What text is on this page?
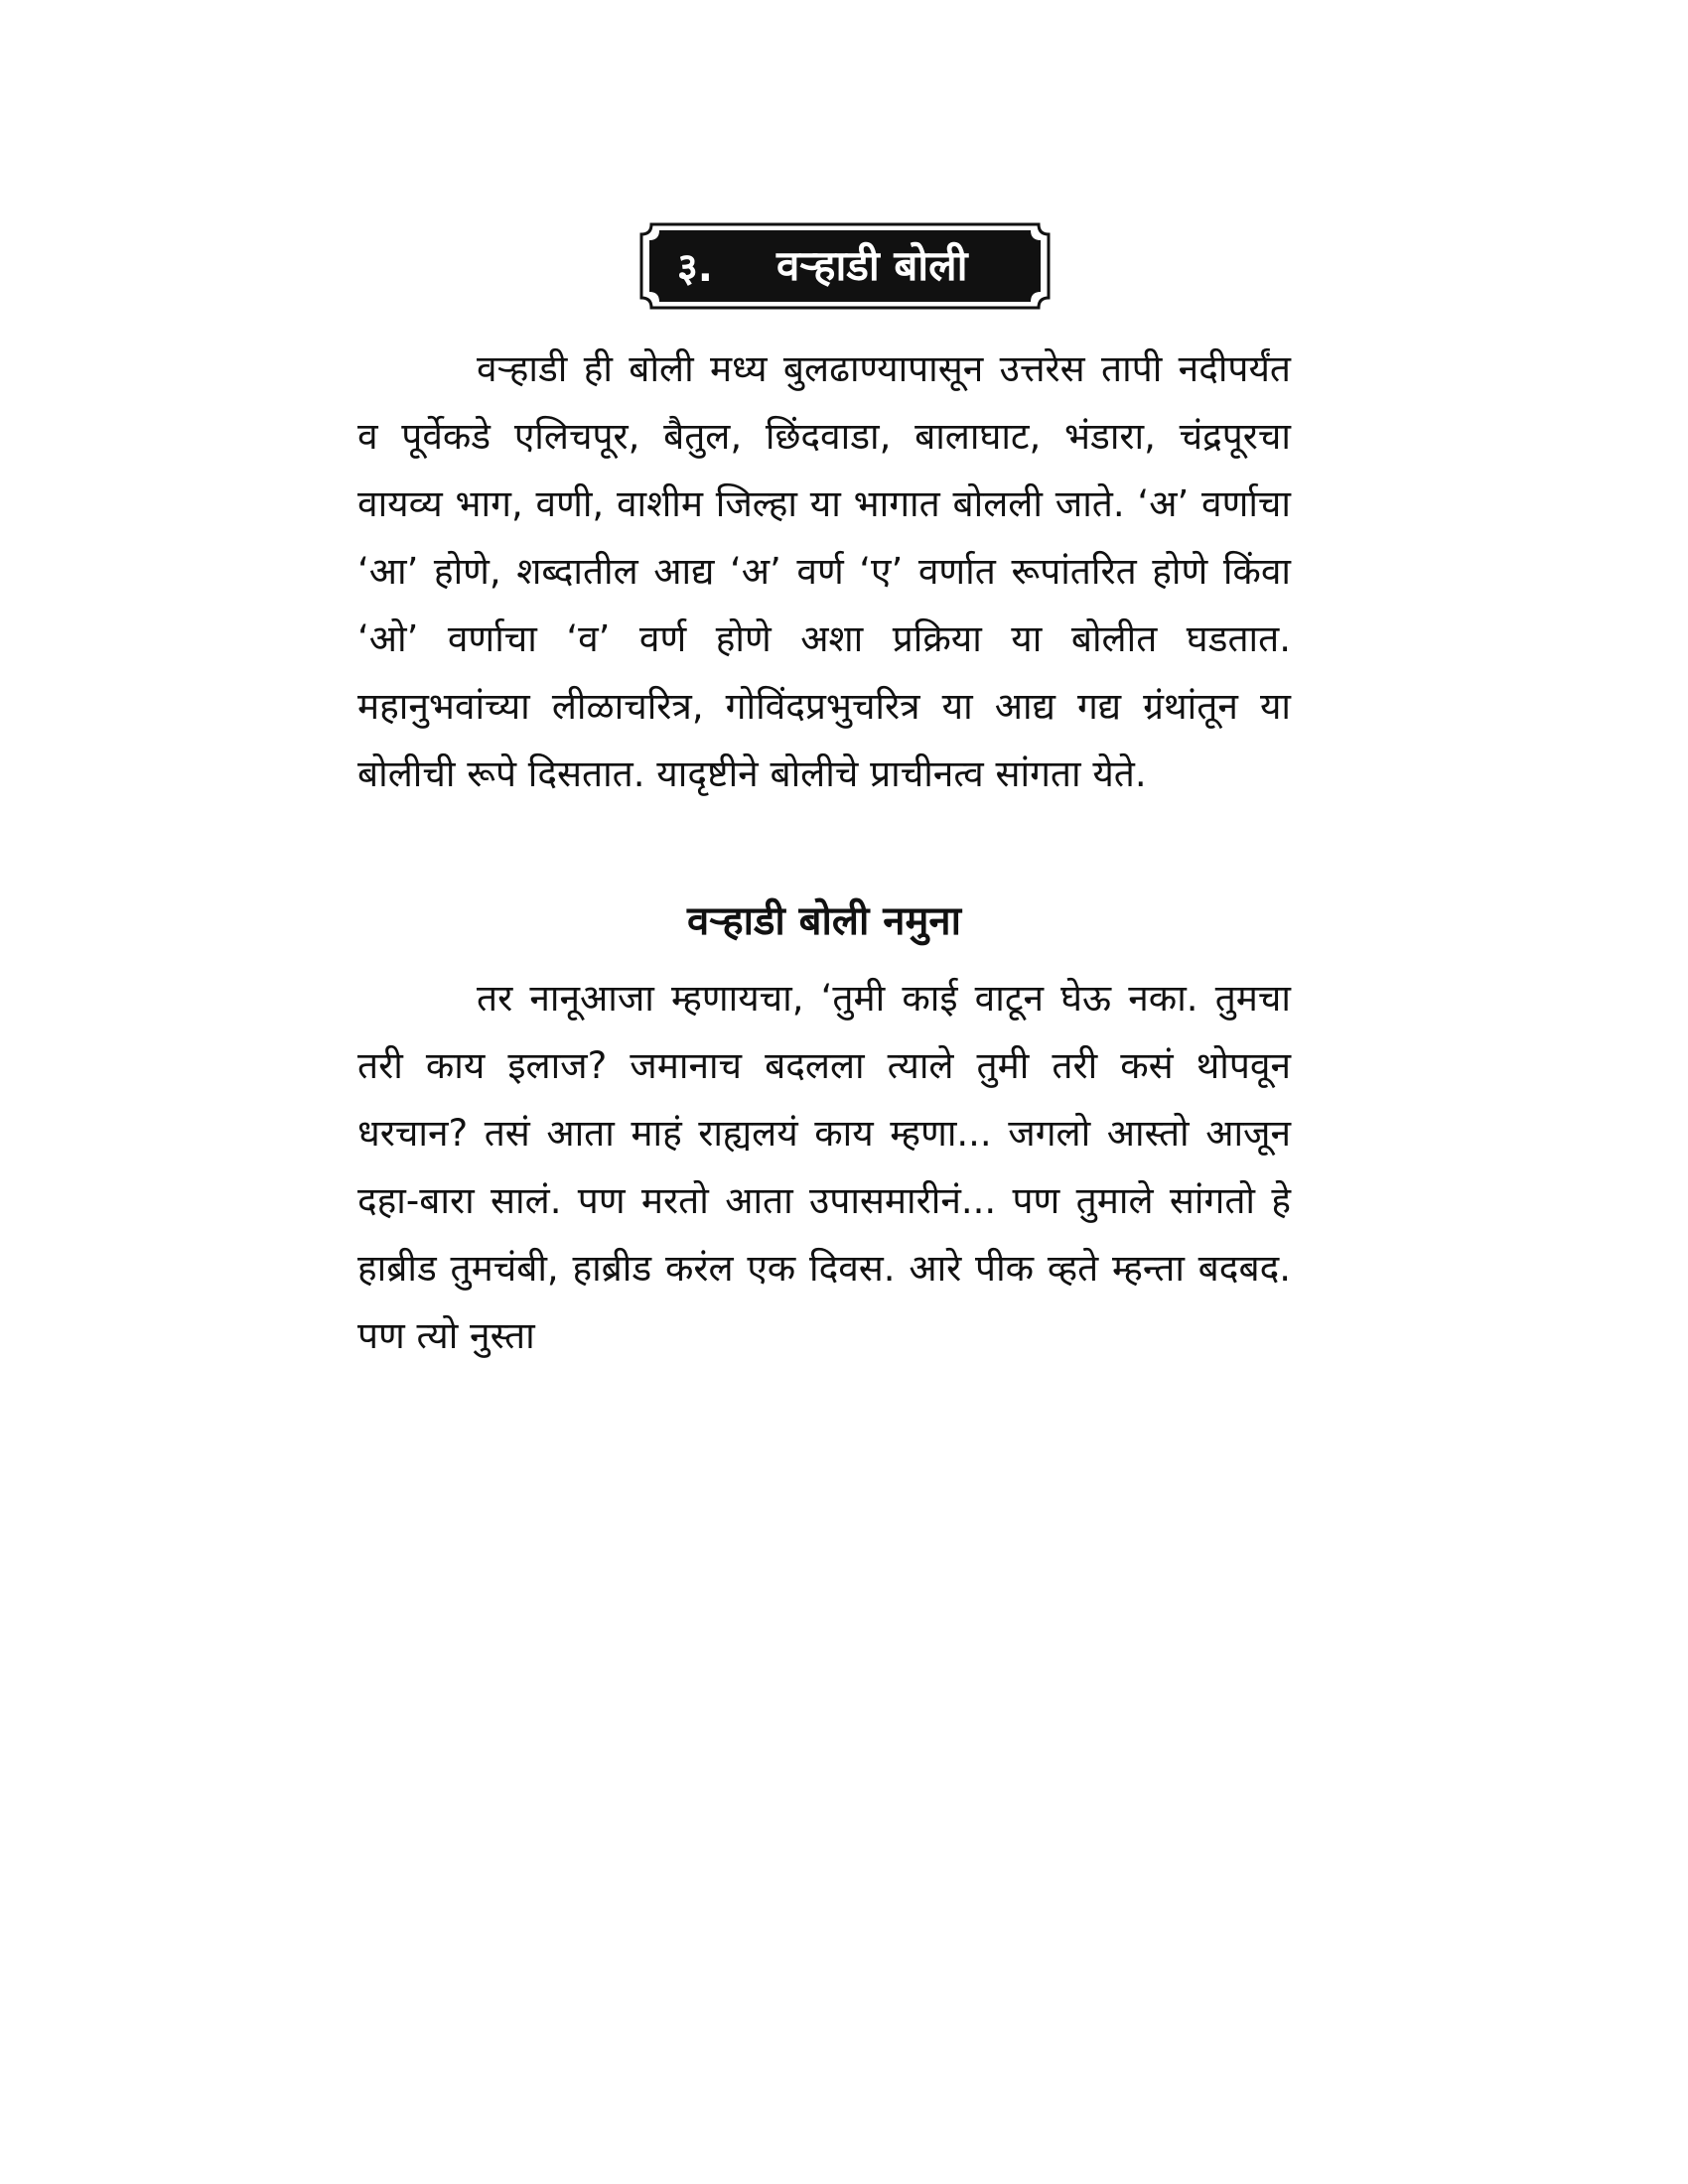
३. वऱ्हाडी बोली

वऱ्हाडी ही बोली मध्य बुलढाण्यापासून उत्तरेस तापी नदीपर्यंत व पूर्वेकडे एलिचपूर, बैतुल, छिंदवाडा, बालाघाट, भंडारा, चंद्रपूरचा वायव्य भाग, वणी, वाशीम जिल्हा या भागात बोलली जाते. ‘अ’ वर्णाचा ‘आ’ होणे, शब्दातील आद्य ‘अ’ वर्ण ‘ए’ वर्णात रूपांतरित होणे किंवा ‘ओ’ वर्णाचा ‘व’ वर्ण होणे अशा प्रक्रिया या बोलीत घडतात. महानुभवांच्या लीळाचरित्र, गोविंदप्रभुचरित्र या आद्य गद्य ग्रंथांतून या बोलीची रूपे दिसतात. यादृष्टीने बोलीचे प्राचीनत्व सांगता येते.

वऱ्हाडी बोली नमुना

तर नानूआजा म्हणायचा, ‘तुमी काई वाटून घेऊ नका. तुमचा तरी काय इलाज? जमानाच बदलला त्याले तुमी तरी कसं थोपवून धरचान? तसं आता माहं राह्यलयं काय म्हणा... जगलो आस्तो आजून दहा-बारा सालं. पण मरतो आता उपासमारीनं... पण तुमाले सांगतो हे हाब्रीड तुमचंबी, हाब्रीड करंल एक दिवस. आरे पीक व्हते म्हन्ता बदबद. पण त्यो नुस्ता
